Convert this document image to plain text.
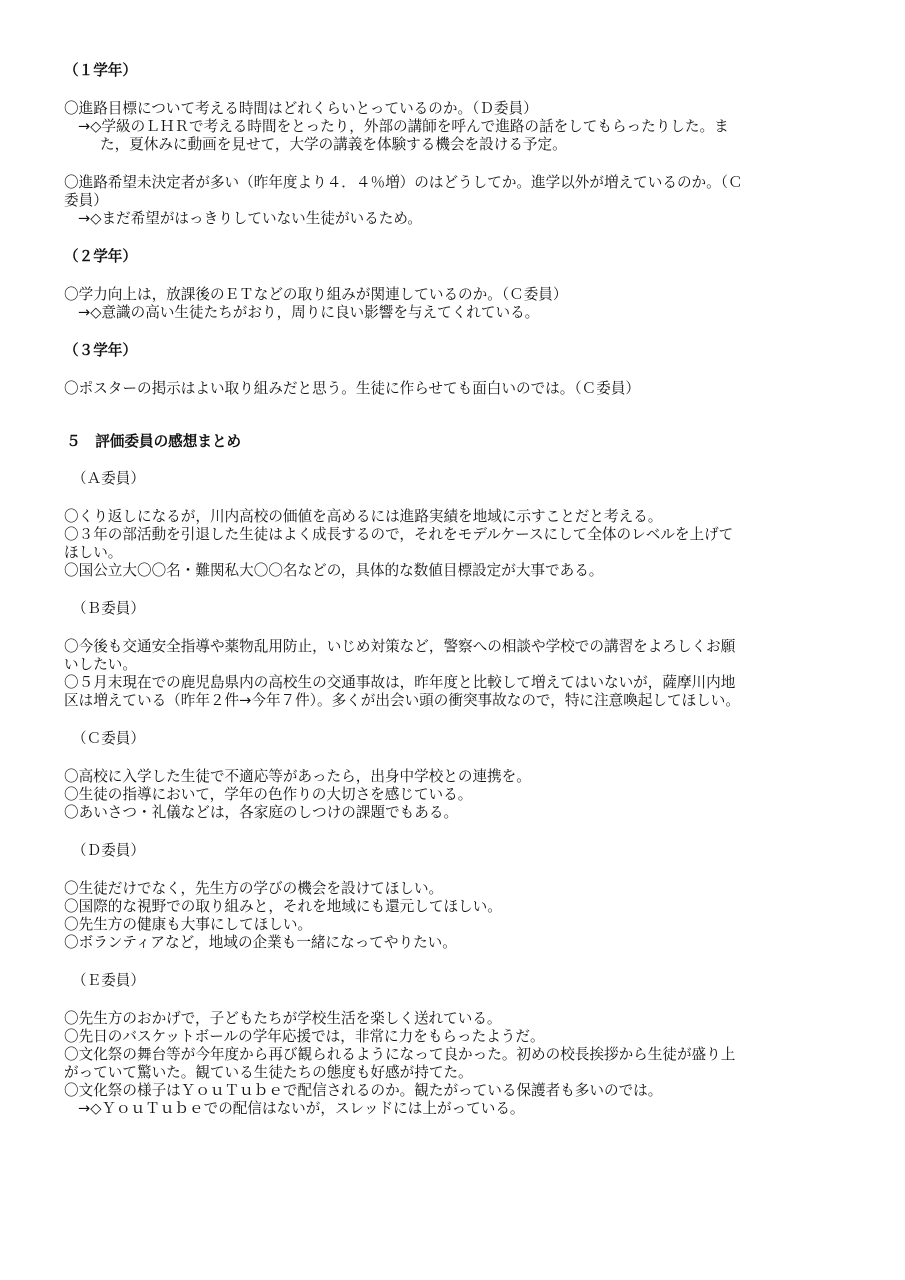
（１学年）

〇進路目標について考える時間はどれくらいとっているのか。（Ｄ委員）

→◇学級のＬＨＲで考える時間をとったり，外部の講師を呼んで進路の話をしてもらったりした。ま

た，夏休みに動画を見せて，大学の講義を体験する機会を設ける予定。

〇進路希望未決定者が多い（昨年度より４．４％増）のはどうしてか。進学以外が増えているのか。（Ｃ

委員）

→◇まだ希望がはっきりしていない生徒がいるため。

（２学年）

〇学力向上は，放課後のＥＴなどの取り組みが関連しているのか。（Ｃ委員）

→◇意識の高い生徒たちがおり，周りに良い影響を与えてくれている。

（３学年）

〇ポスターの掲示はよい取り組みだと思う。生徒に作らせても面白いのでは。（Ｃ委員）

５　評価委員の感想まとめ

（Ａ委員）

〇くり返しになるが，川内高校の価値を高めるには進路実績を地域に示すことだと考える。

〇３年の部活動を引退した生徒はよく成長するので，それをモデルケースにして全体のレベルを上げて

ほしい。

〇国公立大〇〇名・難関私大〇〇名などの，具体的な数値目標設定が大事である。

（Ｂ委員）

〇今後も交通安全指導や薬物乱用防止，いじめ対策など，警察への相談や学校での講習をよろしくお願

いしたい。

〇５月末現在での鹿児島県内の高校生の交通事故は，昨年度と比較して増えてはいないが，薩摩川内地

区は増えている（昨年２件→今年７件）。多くが出会い頭の衝突事故なので，特に注意喚起してほしい。

（Ｃ委員）

〇高校に入学した生徒で不適応等があったら，出身中学校との連携を。

〇生徒の指導において，学年の色作りの大切さを感じている。

〇あいさつ・礼儀などは，各家庭のしつけの課題でもある。

（Ｄ委員）

〇生徒だけでなく，先生方の学びの機会を設けてほしい。

〇国際的な視野での取り組みと，それを地域にも還元してほしい。

〇先生方の健康も大事にしてほしい。

〇ボランティアなど，地域の企業も一緒になってやりたい。

（Ｅ委員）

〇先生方のおかげで，子どもたちが学校生活を楽しく送れている。

〇先日のバスケットボールの学年応援では，非常に力をもらったようだ。

〇文化祭の舞台等が今年度から再び観られるようになって良かった。初めの校長挨拶から生徒が盛り上

がっていて驚いた。観ている生徒たちの態度も好感が持てた。

〇文化祭の様子はＹｏｕＴｕｂｅで配信されるのか。観たがっている保護者も多いのでは。

→◇ＹｏｕＴｕｂｅでの配信はないが，スレッドには上がっている。
